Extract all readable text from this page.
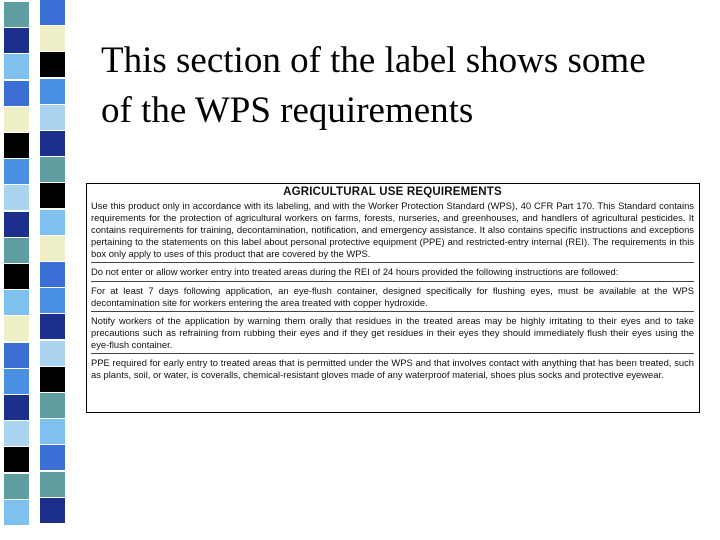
This section of the label shows some
of the WPS requirements
AGRICULTURAL USE REQUIREMENTS

Use this product only in accordance with its labeling, and with the Worker Protection Standard (WPS), 40 CFR Part 170. This Standard contains requirements for the protection of agricultural workers on farms, forests, nurseries, and greenhouses, and handlers of agricultural pesticides. It contains requirements for training, decontamination, notification, and emergency assistance. It also contains specific instructions and exceptions pertaining to the statements on this label about personal protective equipment (PPE) and restricted-entry internal (REI). The requirements in this box only apply to uses of this product that are covered by the WPS.

Do not enter or allow worker entry into treated areas during the REI of 24 hours provided the following instructions are followed:

For at least 7 days following application, an eye-flush container, designed specifically for flushing eyes, must be available at the WPS decontamination site for workers entering the area treated with copper hydroxide.

Notify workers of the application by warning them orally that residues in the treated areas may be highly irritating to their eyes and to take precautions such as refraining from rubbing their eyes and if they get residues in their eyes they should immediately flush their eyes using the eye-flush container.

PPE required for early entry to treated areas that is permitted under the WPS and that involves contact with anything that has been treated, such as plants, soil, or water, is coveralls, chemical-resistant gloves made of any waterproof material, shoes plus socks and protective eyewear.
